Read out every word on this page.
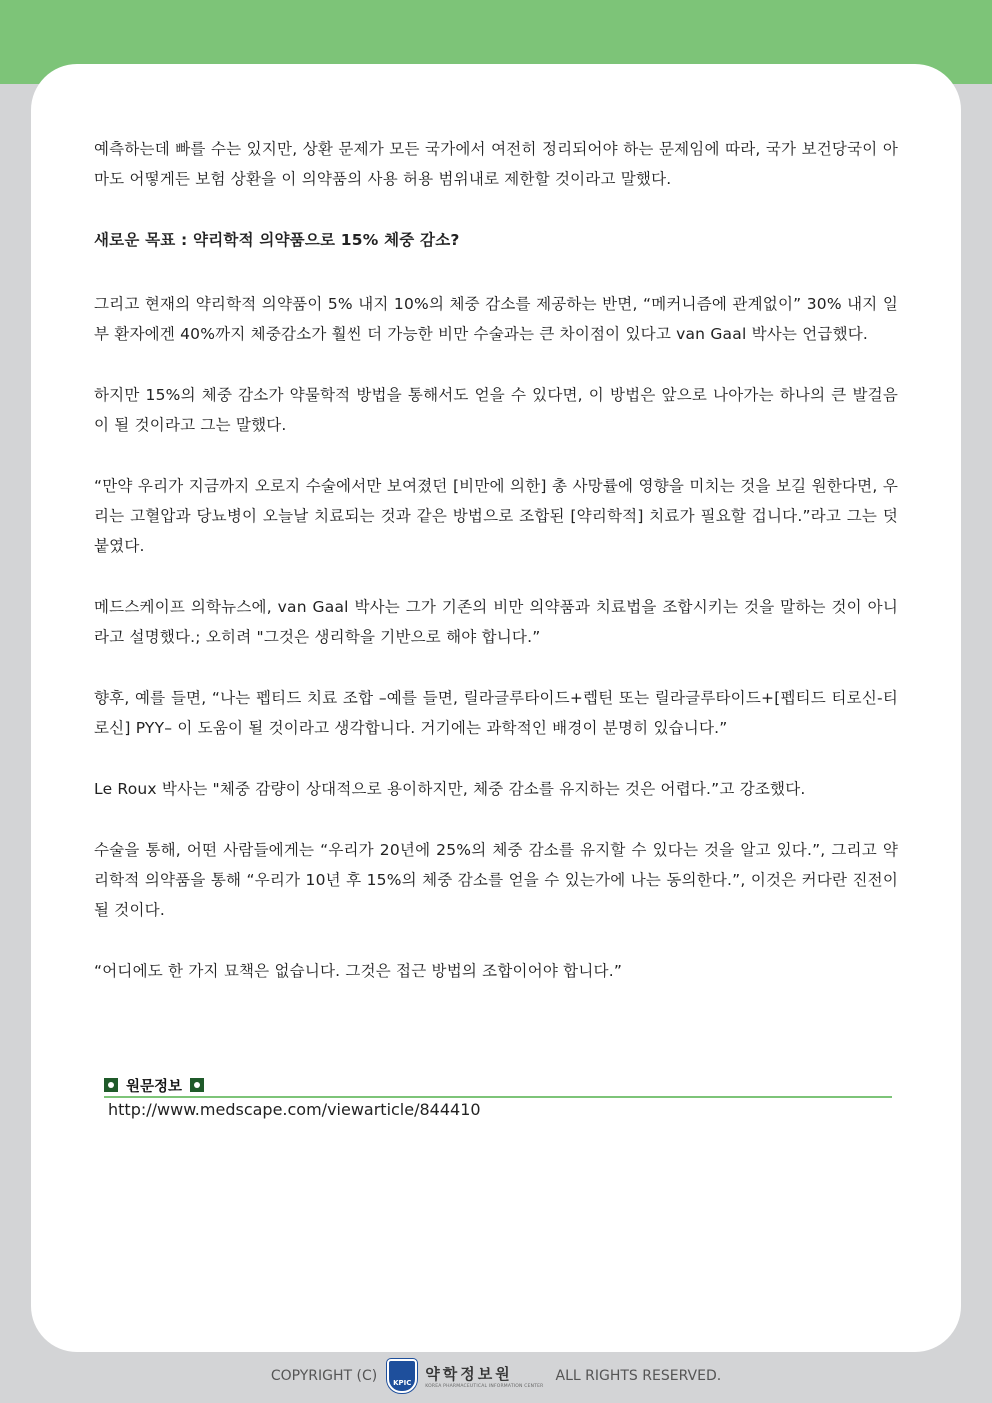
예측하는데 빠를 수는 있지만, 상환 문제가 모든 국가에서 여전히 정리되어야 하는 문제임에 따라, 국가 보건당국이 아마도 어떻게든 보험 상환을 이 의약품의 사용 허용 범위내로 제한할 것이라고 말했다.

새로운 목표 : 약리학적 의약품으로 15% 체중 감소?

그리고 현재의 약리학적 의약품이 5% 내지 10%의 체중 감소를 제공하는 반면, “메커니즘에 관계없이” 30% 내지 일부 환자에겐 40%까지 체중감소가 훨씬 더 가능한 비만 수술과는 큰 차이점이 있다고 van Gaal 박사는 언급했다.

하지만 15%의 체중 감소가 약물학적 방법을 통해서도 얻을 수 있다면, 이 방법은 앞으로 나아가는 하나의 큰 발걸음이 될 것이라고 그는 말했다.

“만약 우리가 지금까지 오로지 수술에서만 보여졌던 [비만에 의한] 총 사망률에 영향을 미치는 것을 보길 원한다면, 우리는 고혈압과 당뇨병이 오늘날 치료되는 것과 같은 방법으로 조합된 [약리학적] 치료가 필요할 겁니다.”라고 그는 덧붙였다.

메드스케이프 의학뉴스에, van Gaal 박사는 그가 기존의 비만 의약품과 치료법을 조합시키는 것을 말하는 것이 아니라고 설명했다.; 오히려 "그것은 생리학을 기반으로 해야 합니다.”

향후, 예를 들면, “나는 펩티드 치료 조합 –예를 들면, 릴라글루타이드+렙틴 또는 릴라글루타이드+[펩티드 티로신-티로신] PYY– 이 도움이 될 것이라고 생각합니다. 거기에는 과학적인 배경이 분명히 있습니다.”

Le Roux 박사는 "체중 감량이 상대적으로 용이하지만, 체중 감소를 유지하는 것은 어렵다.”고 강조했다.

수술을 통해, 어떤 사람들에게는 “우리가 20년에 25%의 체중 감소를 유지할 수 있다는 것을 알고 있다.”, 그리고 약리학적 의약품을 통해 “우리가 10년 후 15%의 체중 감소를 얻을 수 있는가에 나는 동의한다.”, 이것은 커다란 진전이 될 것이다.

“어디에도 한 가지 묘책은 없습니다. 그것은 접근 방법의 조합이어야 합니다.”

원문정보
http://www.medscape.com/viewarticle/844410
COPYRIGHT (C) KPIC 약학정보원
KOREA PHARMACEUTICAL INFORMATION CENTER
ALL RIGHTS RESERVED.
